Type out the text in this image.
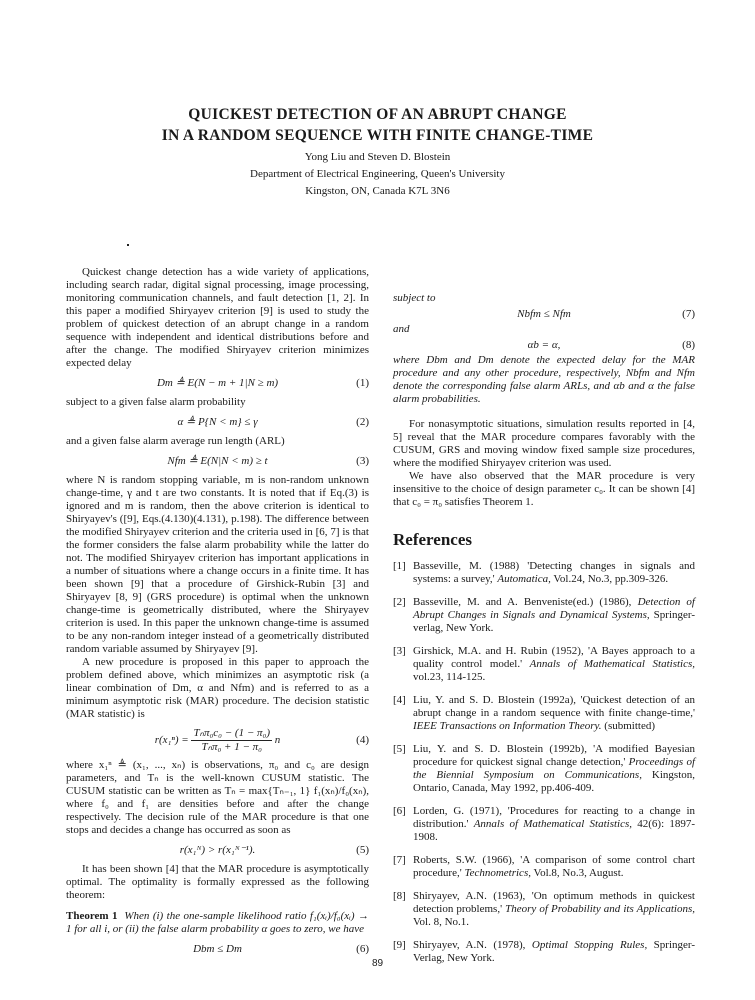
QUICKEST DETECTION OF AN ABRUPT CHANGE
IN A RANDOM SEQUENCE WITH FINITE CHANGE-TIME
Yong Liu and Steven D. Blostein
Department of Electrical Engineering, Queen's University
Kingston, ON, Canada K7L 3N6

Quickest change detection has a wide variety of applications, including search radar, digital signal processing, image processing, monitoring communication channels, and fault detection [1, 2]. In this paper a modified Shiryayev criterion [9] is used to study the problem of quickest detection of an abrupt change in a random sequence with independent and identical distributions before and after the change. The modified Shiryayev criterion minimizes expected delay

Dm ≜ E(N − m + 1|N ≥ m)	(1)

subject to a given false alarm probability

α ≜ P{N < m} ≤ γ	(2)

and a given false alarm average run length (ARL)

Nfm ≜ E(N|N < m) ≥ t	(3)

where N is random stopping variable, m is non-random unknown change-time, γ and t are two constants. It is noted that if Eq.(3) is ignored and m is random, then the above criterion is identical to Shiryayev's ([9], Eqs.(4.130)(4.131), p.198). The difference between the modified Shiryayev criterion and the criteria used in [6, 7] is that the former considers the false alarm probability while the latter do not. The modified Shiryayev criterion has important applications in a number of situations where a change occurs in a finite time. It has been shown [9] that a procedure of Girshick-Rubin [3] and Shiryayev [8, 9] (GRS procedure) is optimal when the unknown change-time is geometrically distributed, where the Shiryayev criterion is used. In this paper the unknown change-time is assumed to be any non-random integer instead of a geometrically distributed random variable assumed by Shiryayev [9].

A new procedure is proposed in this paper to approach the problem defined above, which minimizes an asymptotic risk (a linear combination of Dm, α and Nfm) and is referred to as a minimum asymptotic risk (MAR) procedure. The decision statistic (MAR statistic) is

$r(x_1^n) = \frac{\text{Tₙπ₀c₀ − (1 − π₀)}}{\text{Tₙπ₀ + 1 − π₀}}$ n	(4)

where x₁ⁿ ≜ (x₁, ..., xₙ) is observations, π₀ and c₀ are design parameters, and Tₙ is the well-known CUSUM statistic. The CUSUM statistic can be written as Tₙ = max{Tₙ₋₁, 1} f₁(xₙ)/f₀(xₙ), where f₀ and f₁ are densities before and after the change respectively. The decision rule of the MAR procedure is that one stops and decides a change has occurred as soon as

r(x₁ᴺ) > r(x₁ᴺ⁻¹).	(5)

It has been shown [4] that the MAR procedure is asymptotically optimal. The optimality is formally expressed as the following theorem:

Theorem 1 When (i) the one-sample likelihood ratio f₁(xᵢ)/f₀(xᵢ) → 1 for all i, or (ii) the false alarm probability α goes to zero, we have

Dbm ≤ Dm	(6)

subject to

Nbfm ≤ Nfm	(7)

and

αb = α,	(8)

where Dbm and Dm denote the expected delay for the MAR procedure and any other procedure, respectively, Nbfm and Nfm denote the corresponding false alarm ARLs, and αb and α the false alarm probabilities.

For nonasymptotic situations, simulation results reported in [4, 5] reveal that the MAR procedure compares favorably with the CUSUM, GRS and moving window fixed sample size procedures, where the modified Shiryayev criterion was used.

We have also observed that the MAR procedure is very insensitive to the choice of design parameter c₀. It can be shown [4] that c₀ = π₀ satisfies Theorem 1.

References
[1] Basseville, M. (1988) 'Detecting changes in signals and systems: a survey,' Automatica, Vol.24, No.3, pp.309-326.
[2] Basseville, M. and A. Benveniste(ed.) (1986), Detection of Abrupt Changes in Signals and Dynamical Systems, Springer-verlag, New York.
[3] Girshick, M.A. and H. Rubin (1952), 'A Bayes approach to a quality control model.' Annals of Mathematical Statistics, vol.23, 114-125.
[4] Liu, Y. and S. D. Blostein (1992a), 'Quickest detection of an abrupt change in a random sequence with finite change-time,' IEEE Transactions on Information Theory. (submitted)
[5] Liu, Y. and S. D. Blostein (1992b), 'A modified Bayesian procedure for quickest signal change detection,' Proceedings of the Biennial Symposium on Communications, Kingston, Ontario, Canada, May 1992, pp.406-409.
[6] Lorden, G. (1971), 'Procedures for reacting to a change in distribution.' Annals of Mathematical Statistics, 42(6): 1897-1908.
[7] Roberts, S.W. (1966), 'A comparison of some control chart procedure,' Technometrics, Vol.8, No.3, August.
[8] Shiryayev, A.N. (1963), 'On optimum methods in quickest detection problems,' Theory of Probability and its Applications, Vol. 8, No.1.
[9] Shiryayev, A.N. (1978), Optimal Stopping Rules, Springer-Verlag, New York.
89
